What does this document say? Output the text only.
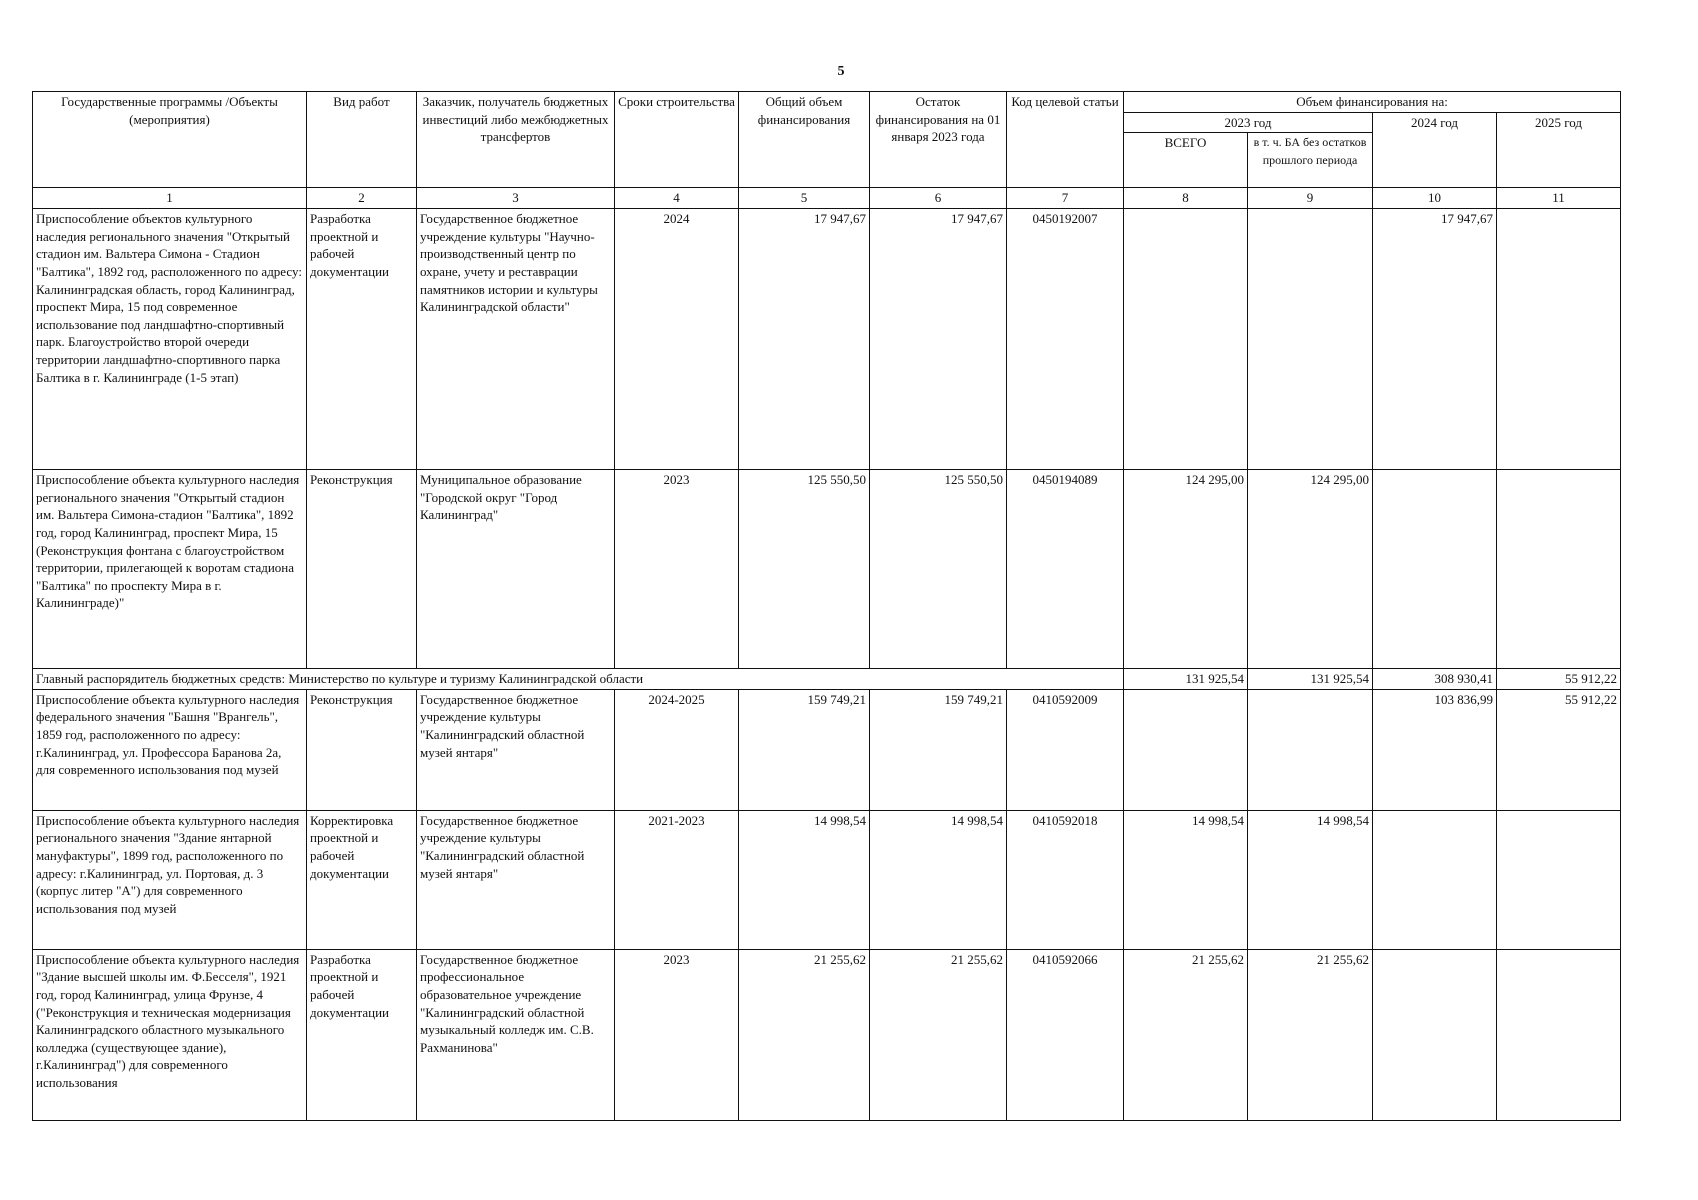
5
Государственные программы /Объекты (мероприятия)	Вид работ	Заказчик, получатель бюджетных инвестиций либо межбюджетных трансфертов	Сроки строительства	Общий объем финансирования	Остаток финансирования на 01 января 2023 года	Код целевой статьи	Объем финансирования на:			
							2023 год		2024 год	2025 год
							ВСЕГО	в т. ч. БА без остатков прошлого периода		
1	2	3	4	5	6	7	8	9	10	11
Приспособление объектов культурного наследия регионального значения "Открытый стадион им. Вальтера Симона - Стадион "Балтика", 1892 год, расположенного по адресу: Калининградская область, город Калининград, проспект Мира, 15 под современное использование под ландшафтно-спортивный парк. Благоустройство второй очереди территории ландшафтно-спортивного парка Балтика в г. Калининграде (1-5 этап)	Разработка проектной и рабочей документации	Государственное бюджетное учреждение культуры "Научно-производственный центр по охране, учету и реставрации памятников истории и культуры Калининградской области"	2024	17 947,67	17 947,67	0450192007			17 947,67	
Приспособление объекта культурного наследия регионального значения "Открытый стадион им. Вальтера Симона-стадион "Балтика", 1892 год, город Калининград, проспект Мира, 15 (Реконструкция фонтана с благоустройством территории, прилегающей к воротам стадиона "Балтика" по проспекту Мира в г. Калининграде)"	Реконструкция	Муниципальное образование "Городской округ "Город Калининград"	2023	125 550,50	125 550,50	0450194089	124 295,00	124 295,00		
Главный распорядитель бюджетных средств: Министерство по культуре и туризму Калининградской области							131 925,54	131 925,54	308 930,41	55 912,22
Приспособление объекта культурного наследия федерального значения "Башня "Врангель", 1859 год, расположенного по адресу: г.Калининград, ул. Профессора Баранова 2а, для современного использования под музей	Реконструкция	Государственное бюджетное учреждение культуры "Калининградский областной музей янтаря"	2024-2025	159 749,21	159 749,21	0410592009			103 836,99	55 912,22
Приспособление объекта культурного наследия регионального значения "Здание янтарной мануфактуры", 1899 год, расположенного по адресу: г.Калининград, ул. Портовая, д. 3 (корпус литер "А") для современного использования под музей	Корректировка проектной и рабочей документации	Государственное бюджетное учреждение культуры "Калининградский областной музей янтаря"	2021-2023	14 998,54	14 998,54	0410592018	14 998,54	14 998,54		
Приспособление объекта культурного наследия "Здание высшей школы им. Ф.Бесселя", 1921 год, город Калининград, улица Фрунзе, 4 ("Реконструкция и техническая модернизация Калининградского областного музыкального колледжа (существующее здание), г.Калининград") для современного использования	Разработка проектной и рабочей документации	Государственное бюджетное профессиональное образовательное учреждение "Калининградский областной музыкальный колледж им. С.В. Рахманинова"	2023	21 255,62	21 255,62	0410592066	21 255,62	21 255,62		
